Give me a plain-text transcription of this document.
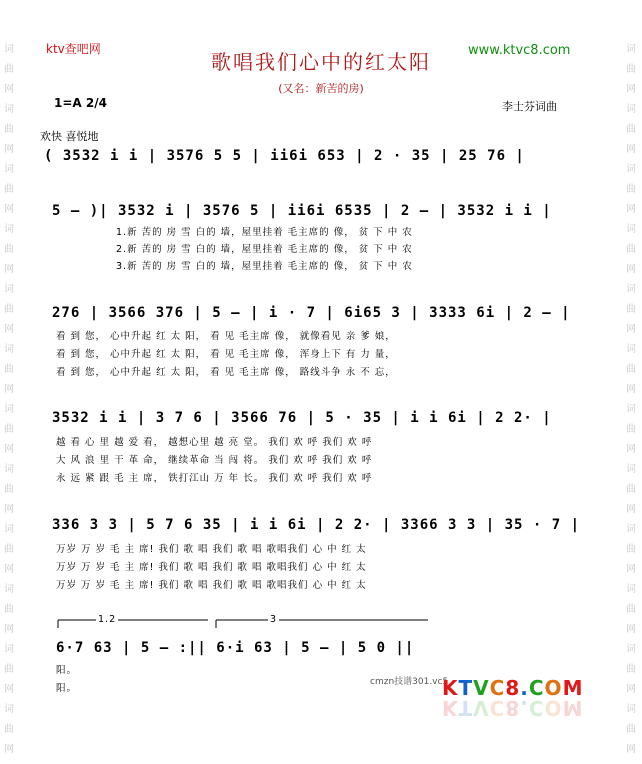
词
曲
网
词
曲
网
词
曲
网
词
曲
网
词
曲
网
词
曲
网
词
曲
网
词
曲
网
词
曲
网
词
曲
网
词
曲
网
词
曲
网
词
曲
网
词
曲
网
词
曲
网
词
曲
网
词
曲
网
词
曲
网
词
曲
网
词
曲
网
词
曲
网
词
曲
网
词
曲
网
词
曲
网
ktv查吧网
歌唱我们心中的红太阳	www.ktvc8.com
(又名：新苦的房)
1=A 2/4	李士芬词曲
欢快 喜悦地
( 3532 i i | 3576 5 5 | ii6i 653 | 2 · 35 | 25 76 |
5 – )| 3532 i | 3576 5 | ii6i 6535 | 2 – | 3532 i i |
1.新 苦的 房 雪 白的 墙，屋里挂着 毛主席的 像， 贫 下 中 农
2.新 苦的 房 雪 白的 墙，屋里挂着 毛主席的 像， 贫 下 中 农
3.新 苦的 房 雪 白的 墙，屋里挂着 毛主席的 像， 贫 下 中 农
276 | 3566 376 | 5 – | i · 7 | 6i65 3 | 3333 6i | 2 – |
看 到 您， 心中升起 红 太 阳， 看 见 毛主席 像， 就像看见 亲 爹 娘，
看 到 您， 心中升起 红 太 阳， 看 见 毛主席 像， 浑身上下 有 力 量，
看 到 您， 心中升起 红 太 阳， 看 见 毛主席 像， 路线斗争 永 不 忘，
3532 i i | 3 7 6 | 3566 76 | 5 · 35 | i i 6i | 2 2· |
越 看 心 里 越 爱 看， 越想心里 越 亮 堂。 我们 欢 呼 我们 欢 呼
大 风 浪 里 干 革 命， 继续革命 当 闯 将。 我们 欢 呼 我们 欢 呼
永 远 紧 跟 毛 主 席， 铁打江山 万 年 长。 我们 欢 呼 我们 欢 呼
336 3 3 | 5 7 6 35 | i i 6i | 2 2· | 3366 3 3 | 35 · 7 |
万岁 万 岁 毛 主 席! 我们 歌 唱 我们 歌 唱 歌唱我们 心 中 红 太
万岁 万 岁 毛 主 席! 我们 歌 唱 我们 歌 唱 歌唱我们 心 中 红 太
万岁 万 岁 毛 主 席! 我们 歌 唱 我们 歌 唱 歌唱我们 心 中 红 太
1.2	3
6·7 63 | 5 – :|| 6·i 63 | 5 – | 5 0 ||
阳。
阳。
cmzn技谱301.vc5
KTVC8.COM
KTVC8.COM
